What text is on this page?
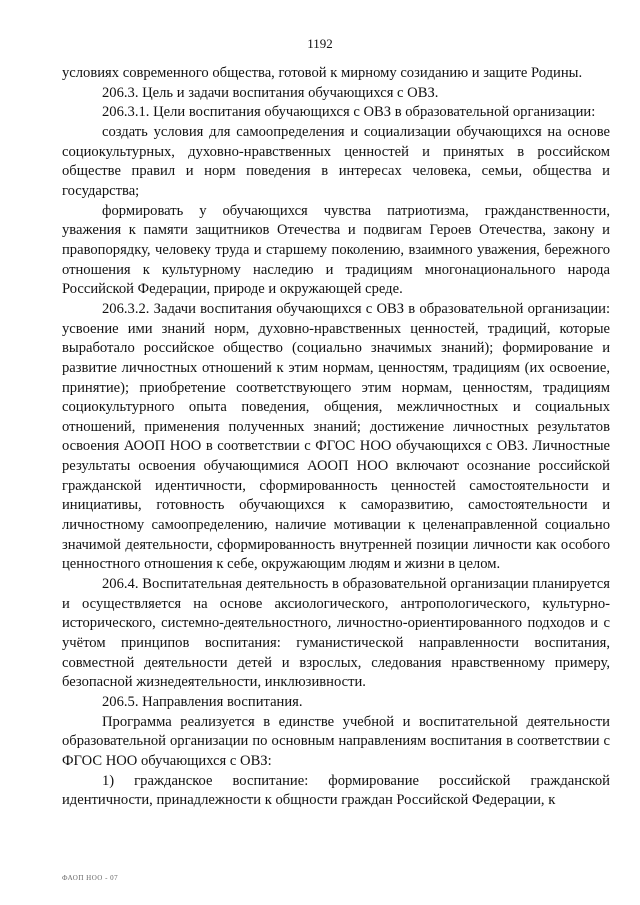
1192

условиях современного общества, готовой к мирному созиданию и защите Родины.

206.3. Цель и задачи воспитания обучающихся с ОВЗ.

206.3.1. Цели воспитания обучающихся с ОВЗ в образовательной организации:

создать условия для самоопределения и социализации обучающихся на основе социокультурных, духовно-нравственных ценностей и принятых в российском обществе правил и норм поведения в интересах человека, семьи, общества и государства;

формировать у обучающихся чувства патриотизма, гражданственности, уважения к памяти защитников Отечества и подвигам Героев Отечества, закону и правопорядку, человеку труда и старшему поколению, взаимного уважения, бережного отношения к культурному наследию и традициям многонационального народа Российской Федерации, природе и окружающей среде.

206.3.2. Задачи воспитания обучающихся с ОВЗ в образовательной организации: усвоение ими знаний норм, духовно-нравственных ценностей, традиций, которые выработало российское общество (социально значимых знаний); формирование и развитие личностных отношений к этим нормам, ценностям, традициям (их освоение, принятие); приобретение соответствующего этим нормам, ценностям, традициям социокультурного опыта поведения, общения, межличностных и социальных отношений, применения полученных знаний; достижение личностных результатов освоения АООП НОО в соответствии с ФГОС НОО обучающихся с ОВЗ. Личностные результаты освоения обучающимися АООП НОО включают осознание российской гражданской идентичности, сформированность ценностей самостоятельности и инициативы, готовность обучающихся к саморазвитию, самостоятельности и личностному самоопределению, наличие мотивации к целенаправленной социально значимой деятельности, сформированность внутренней позиции личности как особого ценностного отношения к себе, окружающим людям и жизни в целом.

206.4. Воспитательная деятельность в образовательной организации планируется и осуществляется на основе аксиологического, антропологического, культурно-исторического, системно-деятельностного, личностно-ориентированного подходов и с учётом принципов воспитания: гуманистической направленности воспитания, совместной деятельности детей и взрослых, следования нравственному примеру, безопасной жизнедеятельности, инклюзивности.

206.5. Направления воспитания.

Программа реализуется в единстве учебной и воспитательной деятельности образовательной организации по основным направлениям воспитания в соответствии с ФГОС НОО обучающихся с ОВЗ:

1) гражданское воспитание: формирование российской гражданской идентичности, принадлежности к общности граждан Российской Федерации, к

ФАОП НОО - 07
